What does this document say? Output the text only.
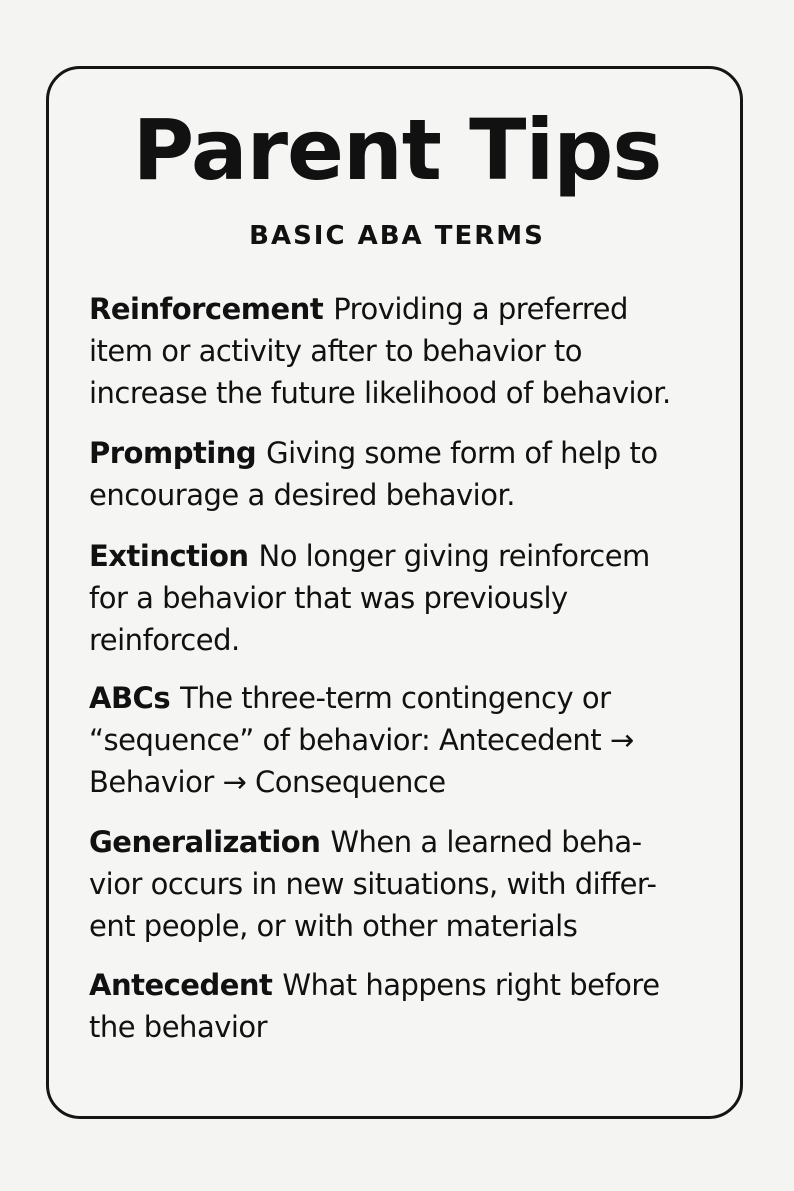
Parent Tips
BASIC ABA TERMS
Reinforcement Providing a preferred
item or activity after to behavior to
increase the future likelihood of behavior.
Prompting Giving some form of help to
encourage a desired behavior.
Extinction No longer giving reinforcem
for a behavior that was previously
reinforced.
ABCs The three-term contingency or
“sequence” of behavior: Antecedent →
Behavior → Consequence
Generalization When a learned beha-
vior occurs in new situations, with differ-
ent people, or with other materials
Antecedent What happens right before
the behavior
